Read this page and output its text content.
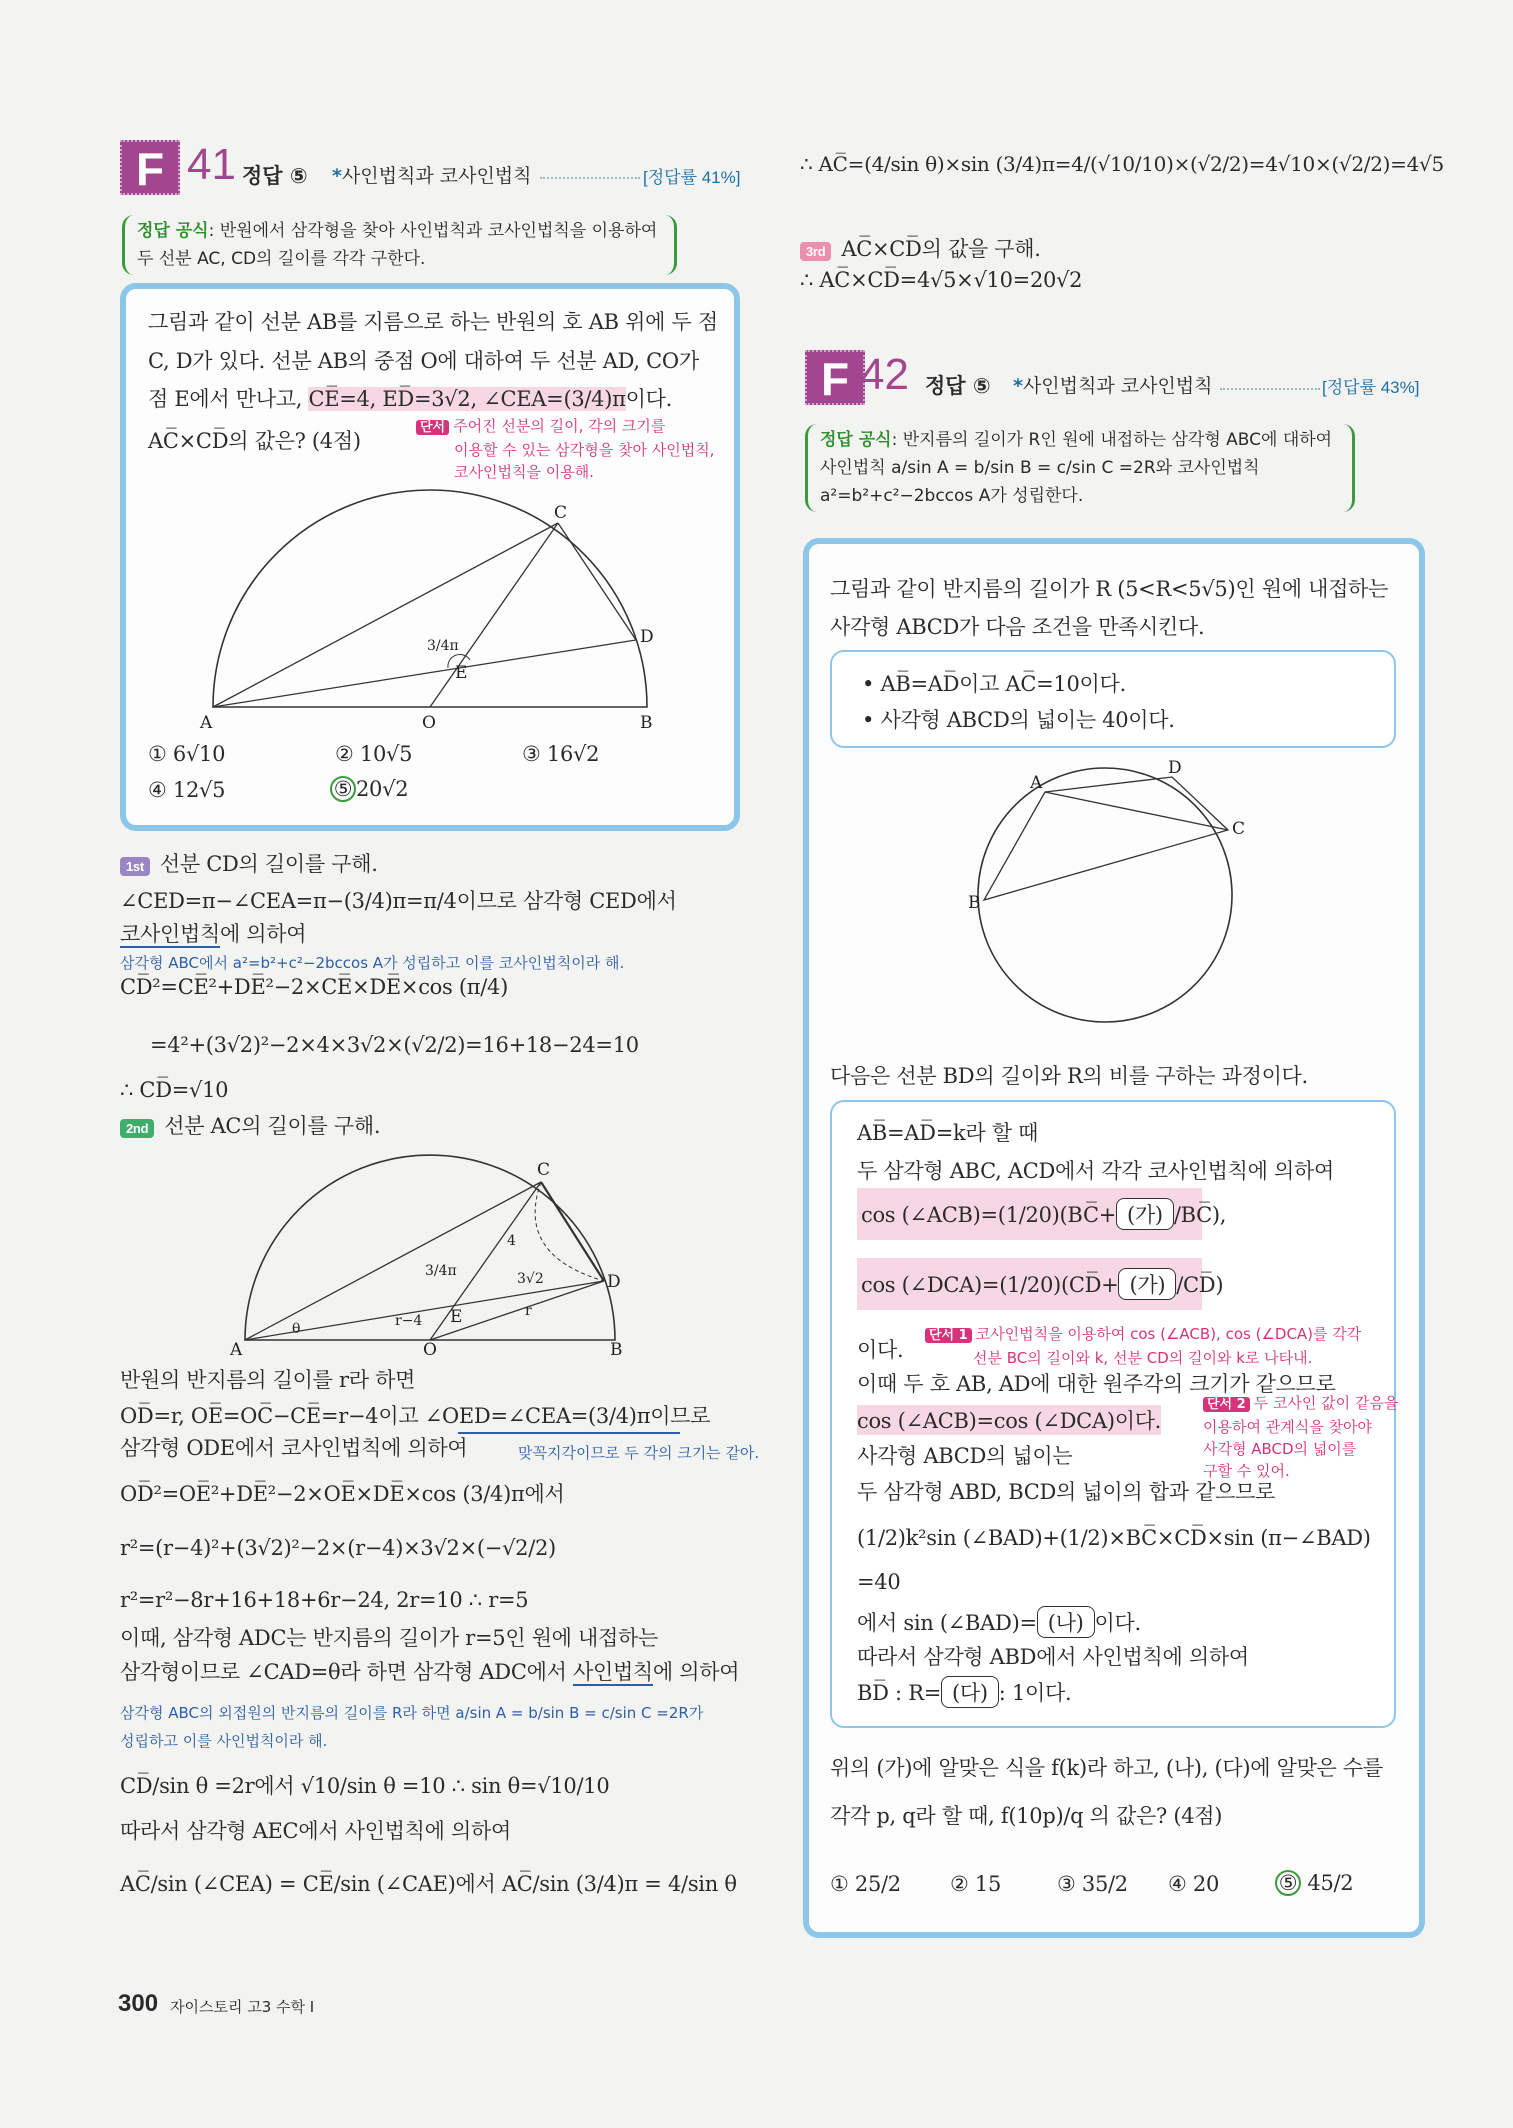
F 41 정답 ⑤ *사인법칙과 코사인법칙	[정답률 41%]
정답 공식: 반원에서 삼각형을 찾아 사인법칙과 코사인법칙을 이용하여
두 선분 AC, CD의 길이를 각각 구한다.
그림과 같이 선분 AB를 지름으로 하는 반원의 호 AB 위에 두 점
C, D가 있다. 선분 AB의 중점 O에 대하여 두 선분 AD, CO가
점 E에서 만나고, CE̅=4, ED̅=3√2, ∠CEA=(3/4)π이다.
AC̅×CD̅의 값은? (4점)
단서 주어진 선분의 길이, 각의 크기를
이용할 수 있는 삼각형을 찾아 사인법칙,
코사인법칙을 이용해.
A	B
C
D
E
O
3/4π
① 6√10	② 10√5	③ 16√2
④ 12√5	⑤ 20√2
1st 선분 CD의 길이를 구해.
∠CED=π−∠CEA=π−(3/4)π=π/4이므로 삼각형 CED에서
코사인법칙에 의하여
삼각형 ABC에서 a²=b²+c²−2bccos A가 성립하고 이를 코사인법칙이라 해.
CD̅²=CE̅²+DE̅²−2×CE̅×DE̅×cos (π/4)
=4²+(3√2)²−2×4×3√2×(√2/2)=16+18−24=10
∴ CD̅=√10
2nd 선분 AC의 길이를 구해.
A	B
C
D
E
O
3/4π
θ
4
r−4
3√2
r
반원의 반지름의 길이를 r라 하면
OD̅=r, OE̅=OC̅−CE̅=r−4이고 ∠OED=∠CEA=(3/4)π이므로
삼각형 ODE에서 코사인법칙에 의하여	맞꼭지각이므로 두 각의 크기는 같아.
OD̅²=OE̅²+DE̅²−2×OE̅×DE̅×cos (3/4)π에서
r²=(r−4)²+(3√2)²−2×(r−4)×3√2×(−√2/2)
r²=r²−8r+16+18+6r−24, 2r=10 ∴ r=5
이때, 삼각형 ADC는 반지름의 길이가 r=5인 원에 내접하는
삼각형이므로 ∠CAD=θ라 하면 삼각형 ADC에서 사인법칙에 의하여
삼각형 ABC의 외접원의 반지름의 길이를 R라 하면 a/sin A = b/sin B = c/sin C =2R가
성립하고 이를 사인법칙이라 해.
CD̅/sin θ =2r에서 √10/sin θ =10 ∴ sin θ=√10/10
따라서 삼각형 AEC에서 사인법칙에 의하여
AC̅/sin (∠CEA) = CE̅/sin (∠CAE)에서 AC̅/sin (3/4)π = 4/sin θ
∴ AC̅=(4/sin θ)×sin (3/4)π=4/(√10/10)×(√2/2)=4√10×(√2/2)=4√5
3rd AC̅×CD̅의 값을 구해.
∴ AC̅×CD̅=4√5×√10=20√2
F 42 정답 ⑤ *사인법칙과 코사인법칙	[정답률 43%]
정답 공식: 반지름의 길이가 R인 원에 내접하는 삼각형 ABC에 대하여
사인법칙 a/sin A = b/sin B = c/sin C =2R와 코사인법칙
a²=b²+c²−2bccos A가 성립한다.
그림과 같이 반지름의 길이가 R (5<R<5√5)인 원에 내접하는
사각형 ABCD가 다음 조건을 만족시킨다.
• AB̅=AD̅이고 AC̅=10이다.
• 사각형 ABCD의 넓이는 40이다.
A
D
C
B
다음은 선분 BD의 길이와 R의 비를 구하는 과정이다.
AB̅=AD̅=k라 할 때
두 삼각형 ABC, ACD에서 각각 코사인법칙에 의하여
cos (∠ACB)=(1/20)(BC̅+ (가) /BC̅),
cos (∠DCA)=(1/20)(CD̅+ (가) /CD̅)
이다.
단서 1 코사인법칙을 이용하여 cos (∠ACB), cos (∠DCA)를 각각
선분 BC의 길이와 k, 선분 CD의 길이와 k로 나타내.
이때 두 호 AB, AD에 대한 원주각의 크기가 같으므로
cos (∠ACB)=cos (∠DCA)이다.
단서 2 두 코사인 값이 같음을
이용하여 관계식을 찾아야
사각형 ABCD의 넓이를
구할 수 있어.
사각형 ABCD의 넓이는
두 삼각형 ABD, BCD의 넓이의 합과 같으므로
(1/2)k²sin (∠BAD)+(1/2)×BC̅×CD̅×sin (π−∠BAD)
=40
에서 sin (∠BAD)= (나) 이다.
따라서 삼각형 ABD에서 사인법칙에 의하여
BD̅ : R= (다) : 1이다.
위의 (가)에 알맞은 식을 f(k)라 하고, (나), (다)에 알맞은 수를
각각 p, q라 할 때, f(10p)/q 의 값은? (4점)
① 25/2 ② 15	③ 35/2 ④ 20	⑤ 45/2
300 자이스토리 고3 수학 I
